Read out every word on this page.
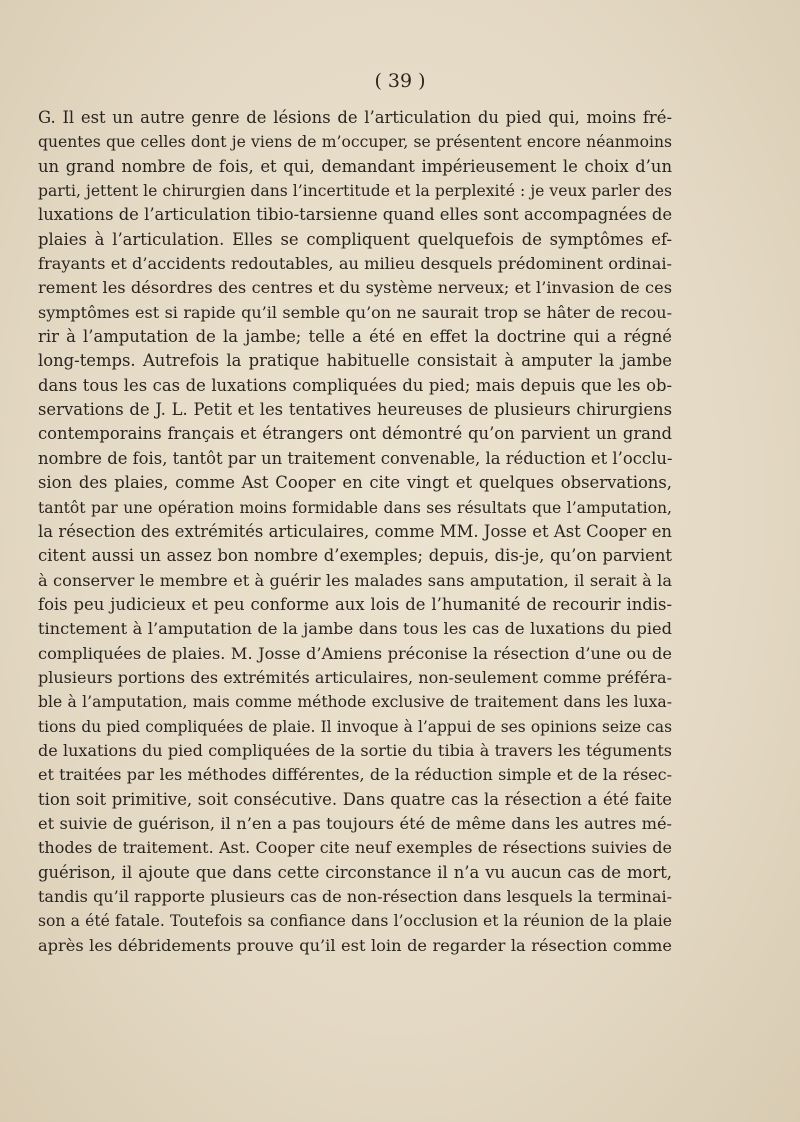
( 39 )
G. Il est un autre genre de lésions de l’articulation du pied qui, moins fré-
quentes que celles dont je viens de m’occuper, se présentent encore néanmoins
un grand nombre de fois, et qui, demandant impérieusement le choix d’un
parti, jettent le chirurgien dans l’incertitude et la perplexité : je veux parler des
luxations de l’articulation tibio-tarsienne quand elles sont accompagnées de
plaies à l’articulation. Elles se compliquent quelquefois de symptômes ef-
frayants et d’accidents redoutables, au milieu desquels prédominent ordinai-
rement les désordres des centres et du système nerveux; et l’invasion de ces
symptômes est si rapide qu’il semble qu’on ne saurait trop se hâter de recou-
rir à l’amputation de la jambe; telle a été en effet la doctrine qui a régné
long-temps. Autrefois la pratique habituelle consistait à amputer la jambe
dans tous les cas de luxations compliquées du pied; mais depuis que les ob-
servations de J. L. Petit et les tentatives heureuses de plusieurs chirurgiens
contemporains français et étrangers ont démontré qu’on parvient un grand
nombre de fois, tantôt par un traitement convenable, la réduction et l’occlu-
sion des plaies, comme Ast Cooper en cite vingt et quelques observations,
tantôt par une opération moins formidable dans ses résultats que l’amputation,
la résection des extrémités articulaires, comme MM. Josse et Ast Cooper en
citent aussi un assez bon nombre d’exemples; depuis, dis-je, qu’on parvient
à conserver le membre et à guérir les malades sans amputation, il serait à la
fois peu judicieux et peu conforme aux lois de l’humanité de recourir indis-
tinctement à l’amputation de la jambe dans tous les cas de luxations du pied
compliquées de plaies. M. Josse d’Amiens préconise la résection d’une ou de
plusieurs portions des extrémités articulaires, non-seulement comme préféra-
ble à l’amputation, mais comme méthode exclusive de traitement dans les luxa-
tions du pied compliquées de plaie. Il invoque à l’appui de ses opinions seize cas
de luxations du pied compliquées de la sortie du tibia à travers les téguments
et traitées par les méthodes différentes, de la réduction simple et de la résec-
tion soit primitive, soit consécutive. Dans quatre cas la résection a été faite
et suivie de guérison, il n’en a pas toujours été de même dans les autres mé-
thodes de traitement. Ast. Cooper cite neuf exemples de résections suivies de
guérison, il ajoute que dans cette circonstance il n’a vu aucun cas de mort,
tandis qu’il rapporte plusieurs cas de non-résection dans lesquels la terminai-
son a été fatale. Toutefois sa confiance dans l’occlusion et la réunion de la plaie
après les débridements prouve qu’il est loin de regarder la résection comme
